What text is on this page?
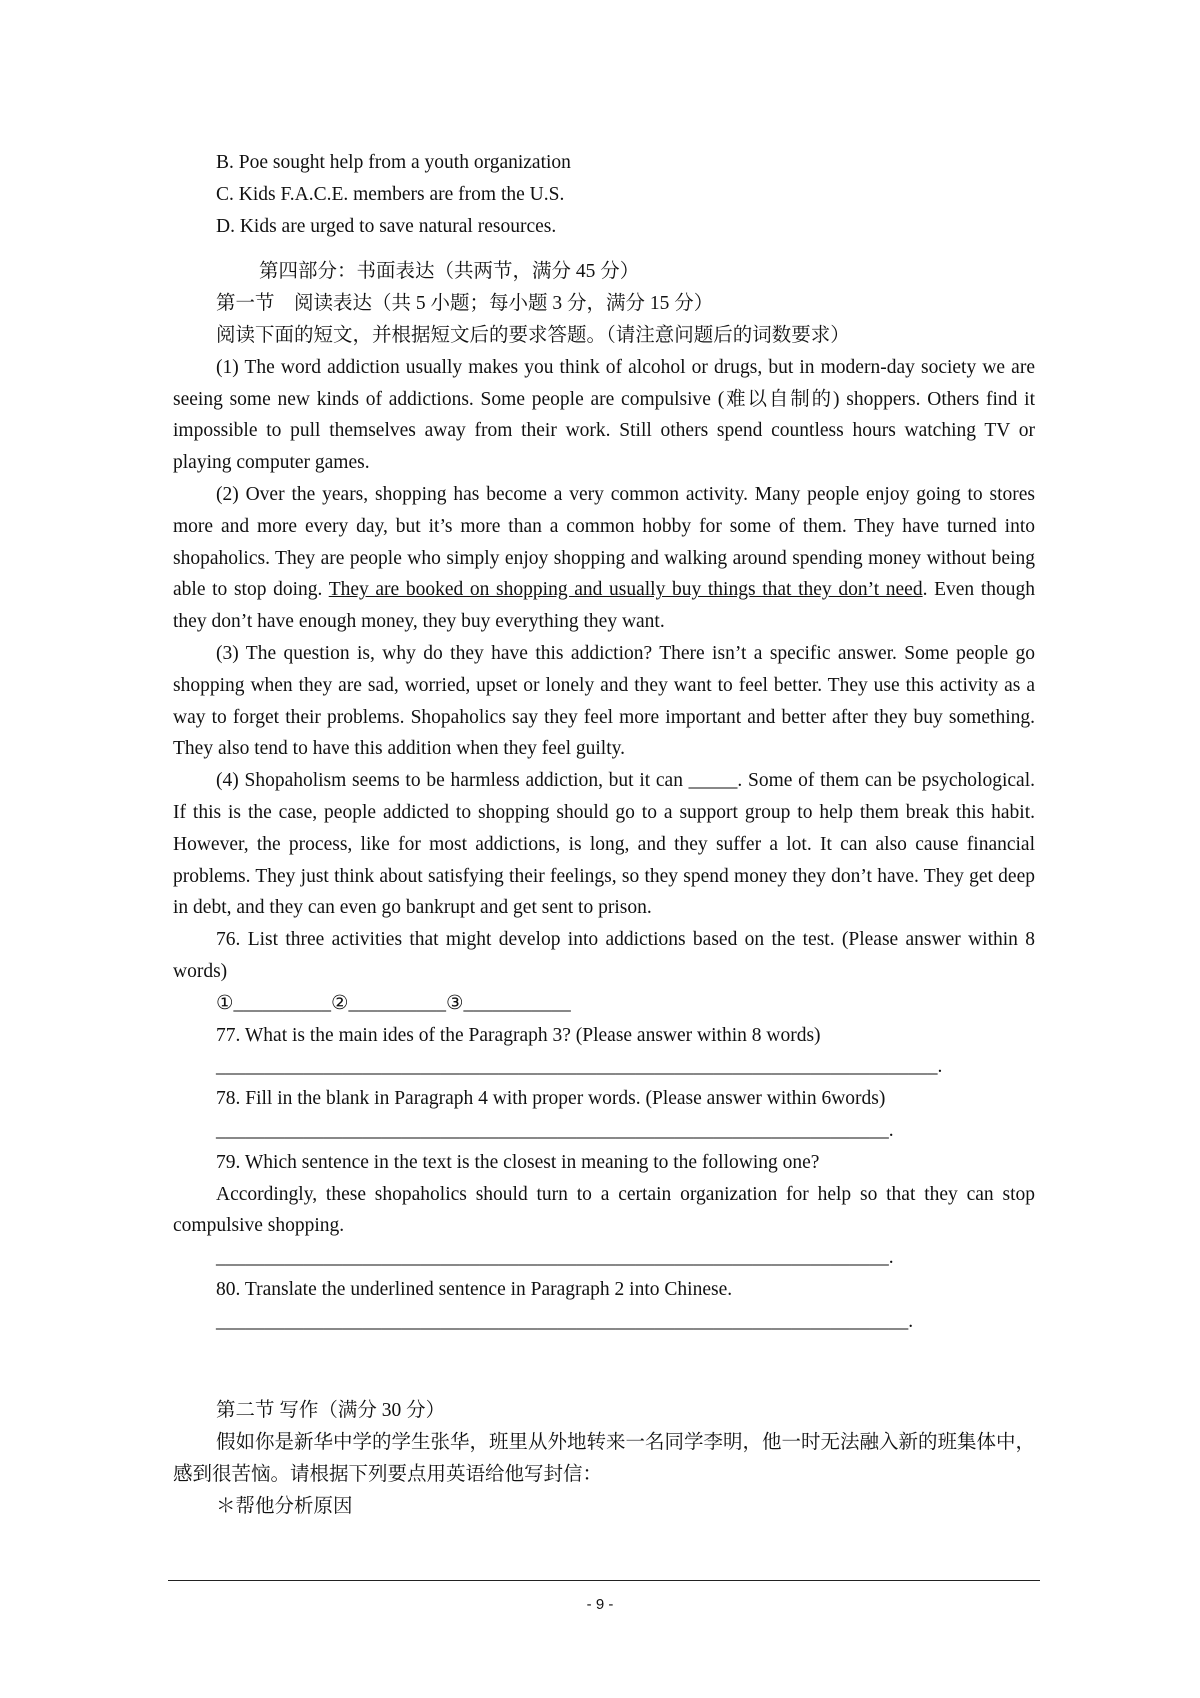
B. Poe sought help from a youth organization
C. Kids F.A.C.E. members are from the U.S.
D. Kids are urged to save natural resources.
第四部分：书面表达（共两节，满分 45 分）
第一节　阅读表达（共 5 小题；每小题 3 分，满分 15 分）
阅读下面的短文，并根据短文后的要求答题。（请注意问题后的词数要求）
(1) The word addiction usually makes you think of alcohol or drugs, but in modern-day society we are seeing some new kinds of addictions. Some people are compulsive (难以自制的) shoppers. Others find it impossible to pull themselves away from their work. Still others spend countless hours watching TV or playing computer games.
(2) Over the years, shopping has become a very common activity. Many people enjoy going to stores more and more every day, but it’s more than a common hobby for some of them. They have turned into shopaholics. They are people who simply enjoy shopping and walking around spending money without being able to stop doing. They are booked on shopping and usually buy things that they don’t need. Even though they don’t have enough money, they buy everything they want.
(3) The question is, why do they have this addiction? There isn’t a specific answer. Some people go shopping when they are sad, worried, upset or lonely and they want to feel better. They use this activity as a way to forget their problems. Shopaholics say they feel more important and better after they buy something. They also tend to have this addition when they feel guilty.
(4) Shopaholism seems to be harmless addiction, but it can _____. Some of them can be psychological. If this is the case, people addicted to shopping should go to a support group to help them break this habit. However, the process, like for most addictions, is long, and they suffer a lot. It can also cause financial problems. They just think about satisfying their feelings, so they spend money they don’t have. They get deep in debt, and they can even go bankrupt and get sent to prison.
76. List three activities that might develop into addictions based on the test. (Please answer within 8 words)
①__________②__________③___________
77. What is the main ides of the Paragraph 3? (Please answer within 8 words)
__________________________________________________________________________.
78. Fill in the blank in Paragraph 4 with proper words. (Please answer within 6words)
_____________________________________________________________________.
79. Which sentence in the text is the closest in meaning to the following one?
Accordingly, these shopaholics should turn to a certain organization for help so that they can stop compulsive shopping.
_____________________________________________________________________.
80. Translate the underlined sentence in Paragraph 2 into Chinese.
_______________________________________________________________________.
第二节 写作（满分 30 分）
假如你是新华中学的学生张华，班里从外地转来一名同学李明，他一时无法融入新的班集体中，感到很苦恼。请根据下列要点用英语给他写封信：
＊帮他分析原因
- 9 -
